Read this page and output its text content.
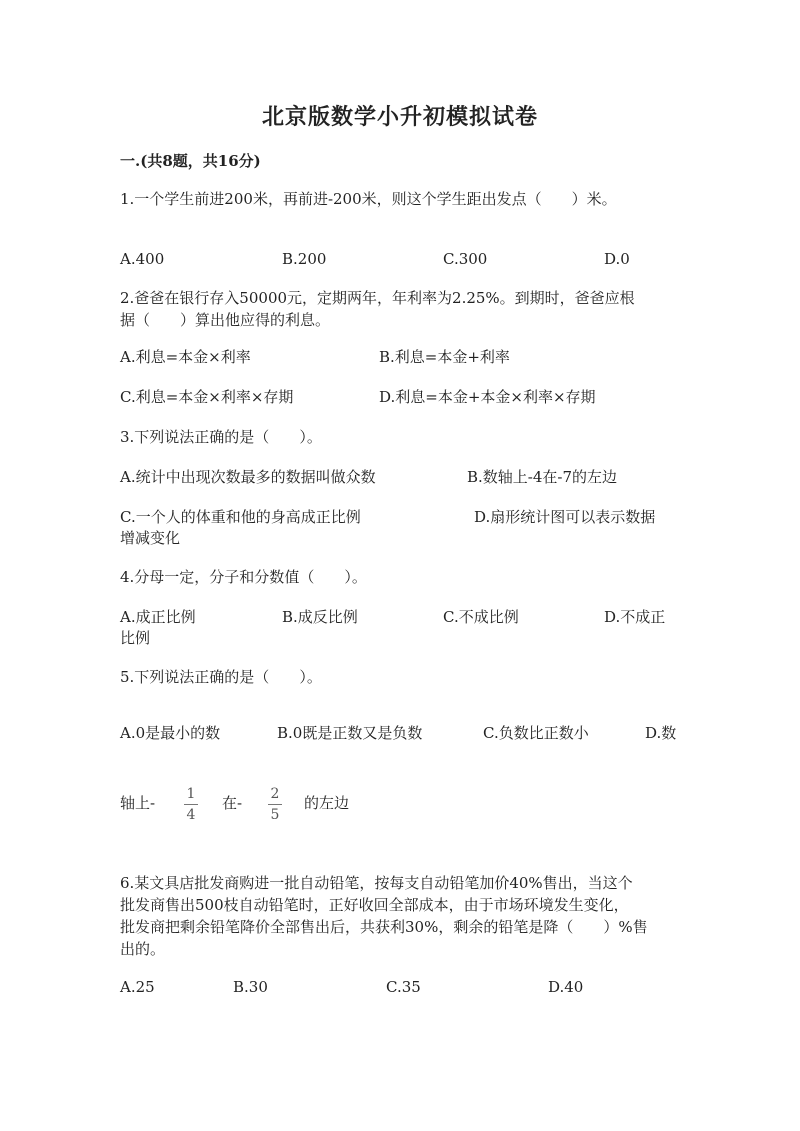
北京版数学小升初模拟试卷
一.(共8题，共16分)
1.一个学生前进200米，再前进-200米，则这个学生距出发点（　　）米。
A.400	B.200	C.300	D.0
2.爸爸在银行存入50000元，定期两年，年利率为2.25%。到期时，爸爸应根
据（　　）算出他应得的利息。
A.利息=本金×利率	B.利息=本金+利率
C.利息=本金×利率×存期	D.利息=本金+本金×利率×存期
3.下列说法正确的是（　　）。
A.统计中出现次数最多的数据叫做众数	B.数轴上-4在-7的左边
C.一个人的体重和他的身高成正比例	D.扇形统计图可以表示数据
增减变化
4.分母一定，分子和分数值（　　）。
A.成正比例	B.成反比例	C.不成比例	D.不成正
比例
5.下列说法正确的是（　　）。
A.0是最小的数	B.0既是正数又是负数	C.负数比正数小	D.数
轴上- 1
4
在- 2
5
的左边
6.某文具店批发商购进一批自动铅笔，按每支自动铅笔加价40%售出，当这个
批发商售出500枝自动铅笔时，正好收回全部成本，由于市场环境发生变化，
批发商把剩余铅笔降价全部售出后，共获利30%，剩余的铅笔是降（　　）%售
出的。
A.25	B.30	C.35	D.40
